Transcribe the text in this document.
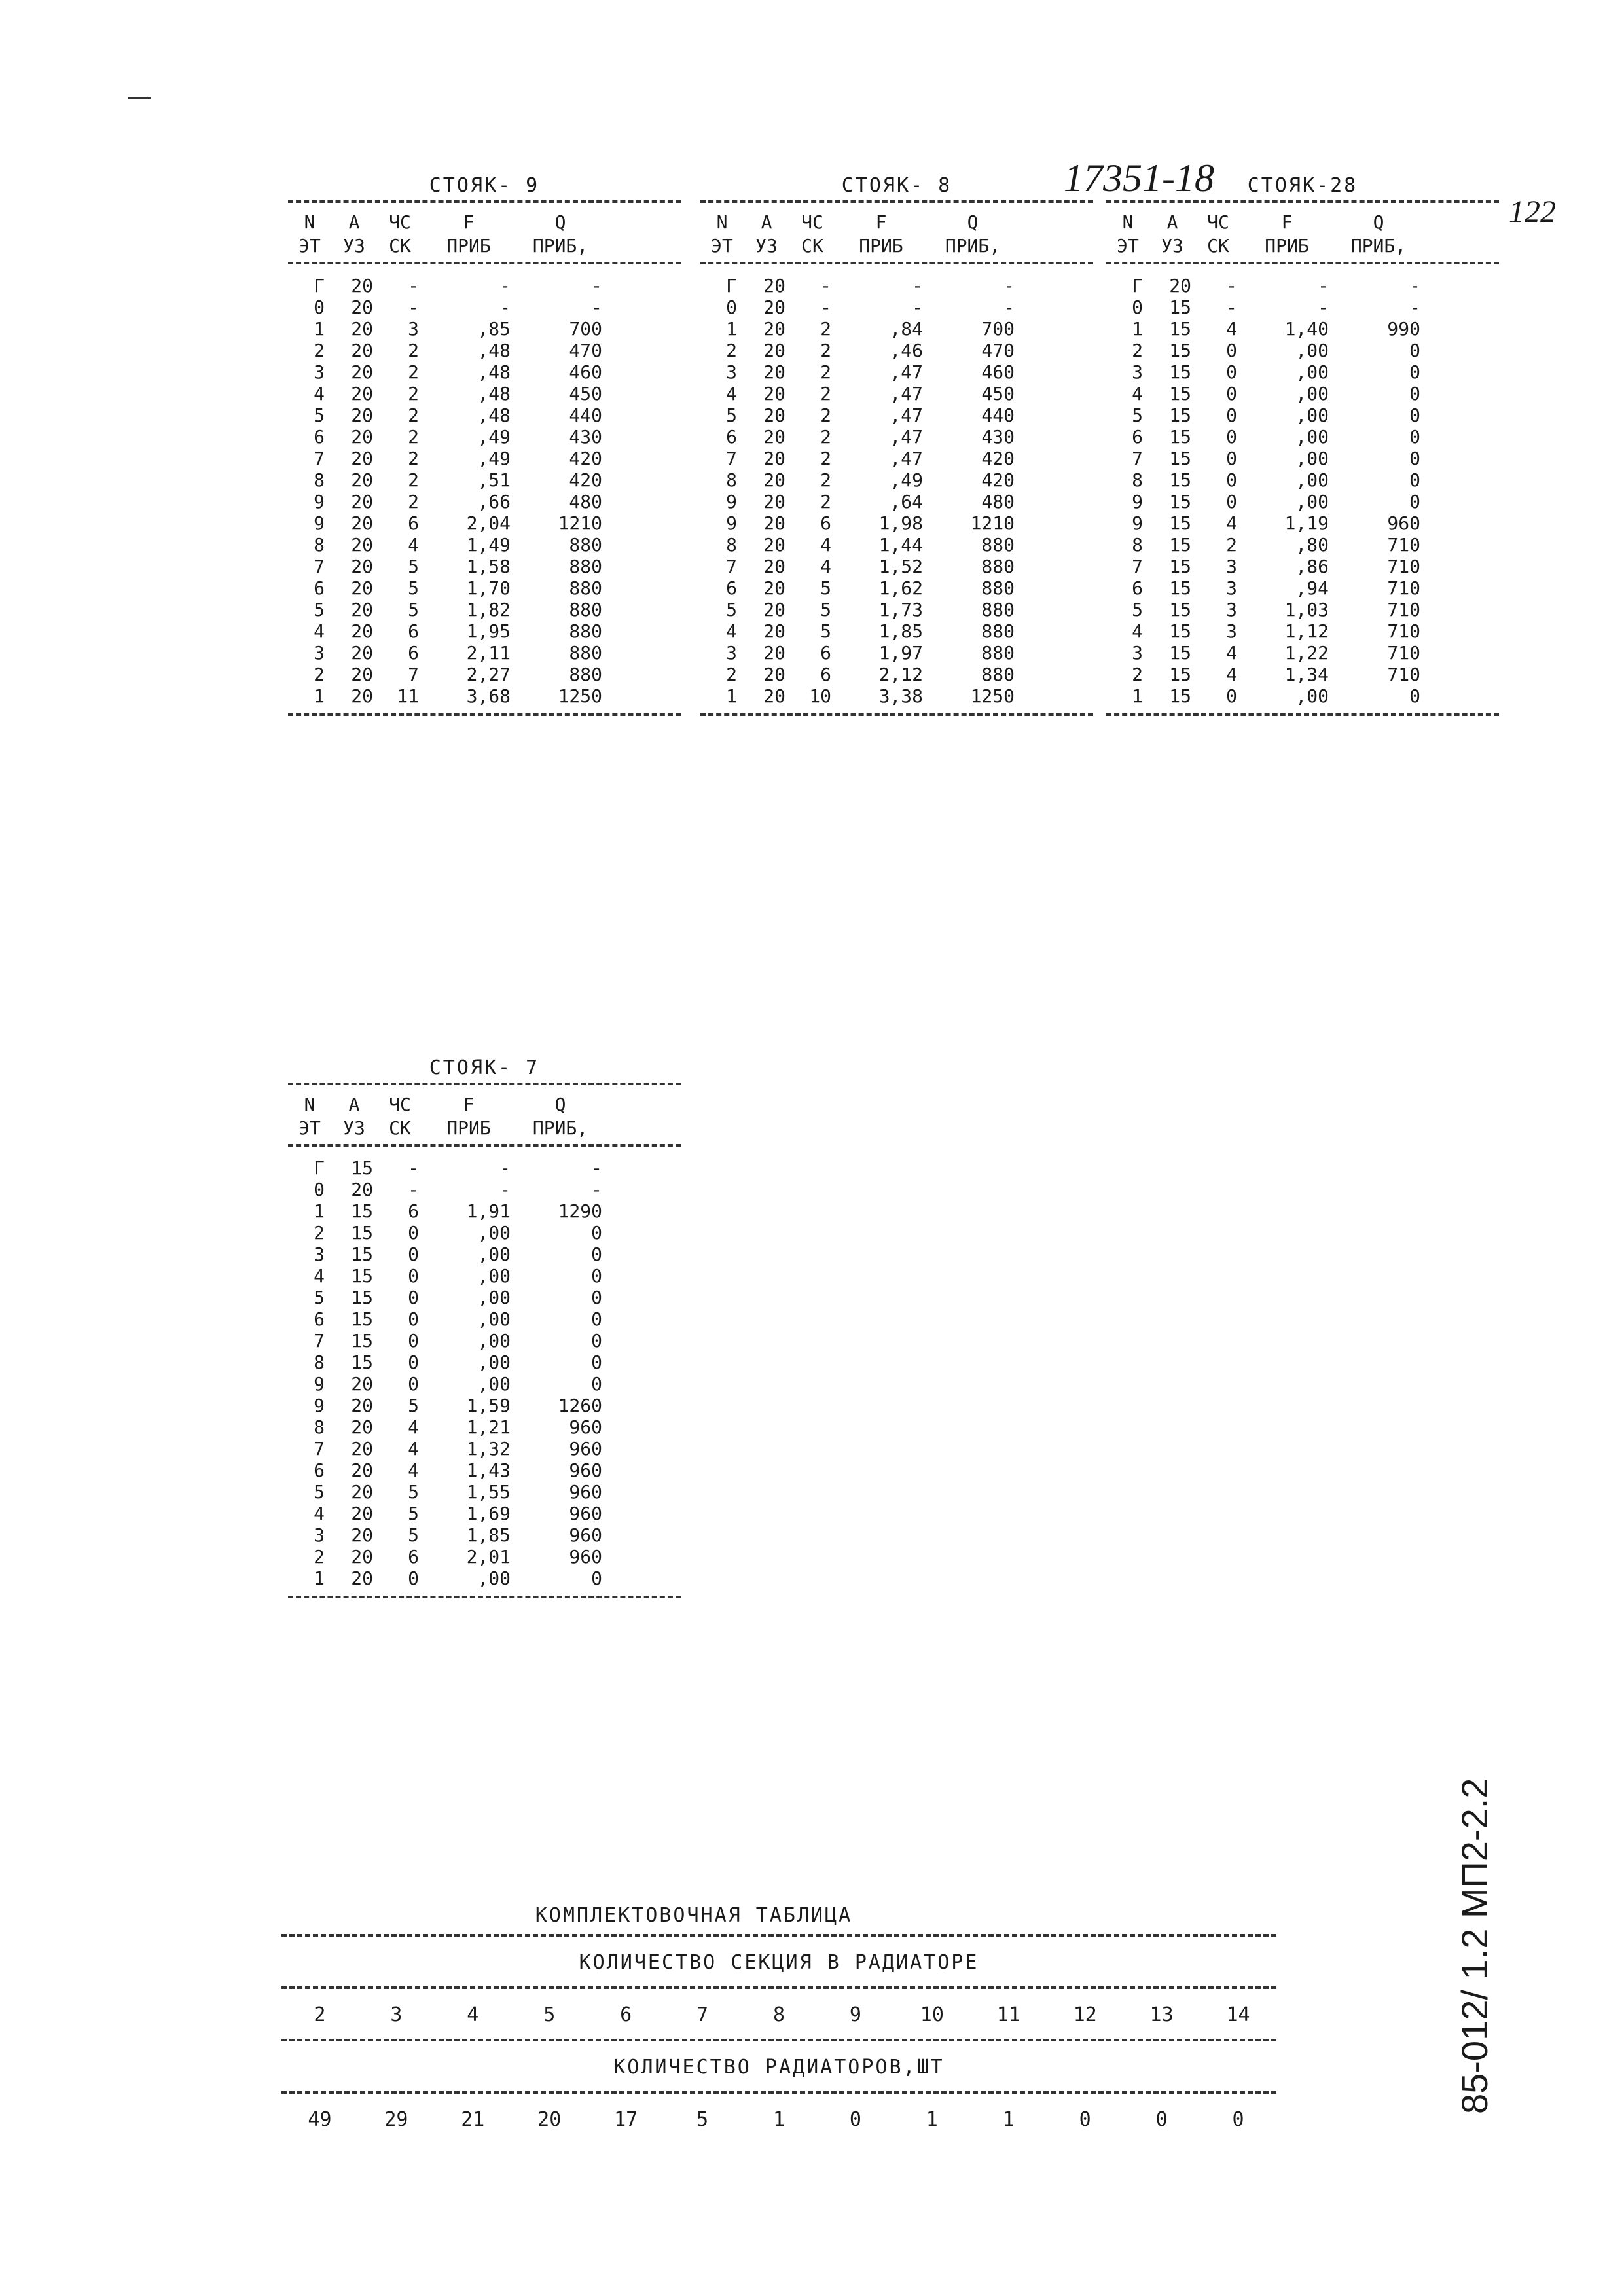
17351-18
122
85-012/ 1.2 МП2-2.2
СТОЯК- 9
N	А	ЧС	F	Q
ЭТ	УЗ	СК	ПРИБ	ПРИБ,
Г	20	-	-	-
0	20	-	-	-
1	20	3	,85	700
2	20	2	,48	470
3	20	2	,48	460
4	20	2	,48	450
5	20	2	,48	440
6	20	2	,49	430
7	20	2	,49	420
8	20	2	,51	420
9	20	2	,66	480
9	20	6	2,04	1210
8	20	4	1,49	880
7	20	5	1,58	880
6	20	5	1,70	880
5	20	5	1,82	880
4	20	6	1,95	880
3	20	6	2,11	880
2	20	7	2,27	880
1	20	11	3,68	1250
СТОЯК- 8
N	А	ЧС	F	Q
ЭТ	УЗ	СК	ПРИБ	ПРИБ,
Г	20	-	-	-
0	20	-	-	-
1	20	2	,84	700
2	20	2	,46	470
3	20	2	,47	460
4	20	2	,47	450
5	20	2	,47	440
6	20	2	,47	430
7	20	2	,47	420
8	20	2	,49	420
9	20	2	,64	480
9	20	6	1,98	1210
8	20	4	1,44	880
7	20	4	1,52	880
6	20	5	1,62	880
5	20	5	1,73	880
4	20	5	1,85	880
3	20	6	1,97	880
2	20	6	2,12	880
1	20	10	3,38	1250
СТОЯК-28
N	А	ЧС	F	Q
ЭТ	УЗ	СК	ПРИБ	ПРИБ,
Г	20	-	-	-
0	15	-	-	-
1	15	4	1,40	990
2	15	0	,00	0
3	15	0	,00	0
4	15	0	,00	0
5	15	0	,00	0
6	15	0	,00	0
7	15	0	,00	0
8	15	0	,00	0
9	15	0	,00	0
9	15	4	1,19	960
8	15	2	,80	710
7	15	3	,86	710
6	15	3	,94	710
5	15	3	1,03	710
4	15	3	1,12	710
3	15	4	1,22	710
2	15	4	1,34	710
1	15	0	,00	0
СТОЯК- 7
N	А	ЧС	F	Q
ЭТ	УЗ	СК	ПРИБ	ПРИБ,
Г	15	-	-	-
0	20	-	-	-
1	15	6	1,91	1290
2	15	0	,00	0
3	15	0	,00	0
4	15	0	,00	0
5	15	0	,00	0
6	15	0	,00	0
7	15	0	,00	0
8	15	0	,00	0
9	20	0	,00	0
9	20	5	1,59	1260
8	20	4	1,21	960
7	20	4	1,32	960
6	20	4	1,43	960
5	20	5	1,55	960
4	20	5	1,69	960
3	20	5	1,85	960
2	20	6	2,01	960
1	20	0	,00	0
КОМПЛЕКТОВОЧНАЯ ТАБЛИЦА
КОЛИЧЕСТВО СЕКЦИЯ В РАДИАТОРЕ
2	3	4	5	6	7	8	9	10	11	12	13	14
КОЛИЧЕСТВО РАДИАТОРОВ,ШТ
49	29	21	20	17	5	1	0	1	1	0	0	0
